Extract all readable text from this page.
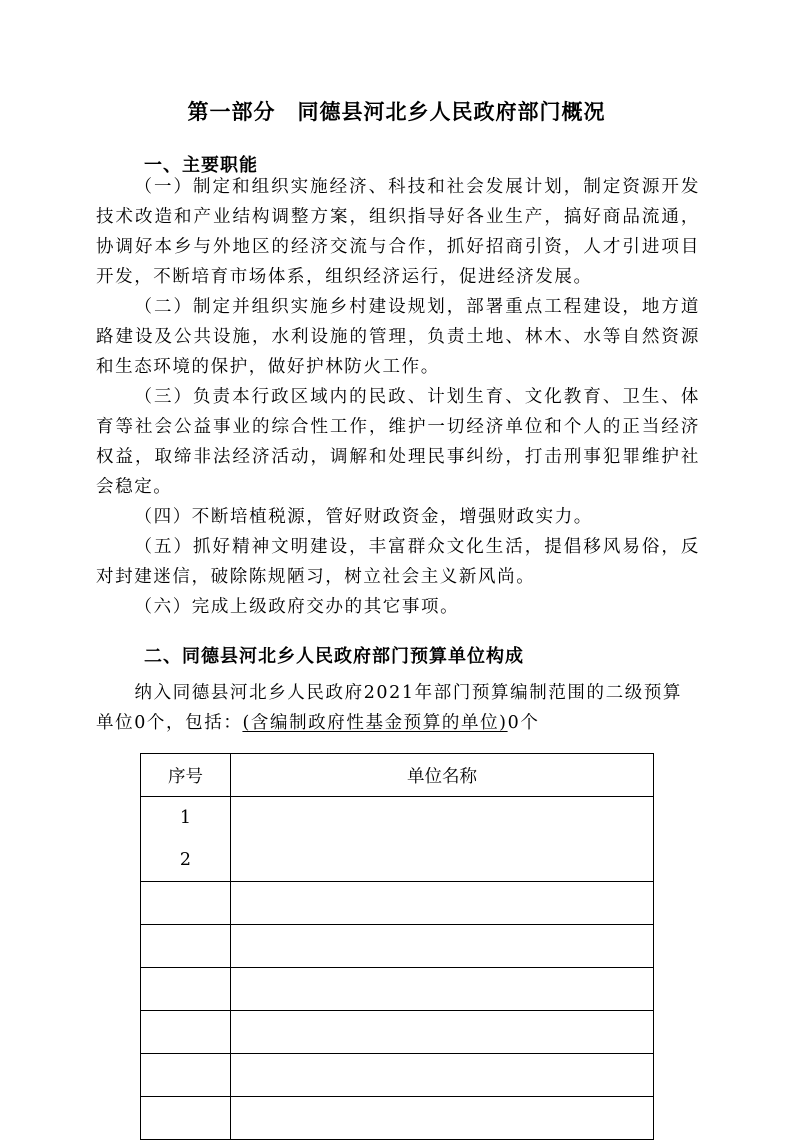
第一部分　同德县河北乡人民政府部门概况
一、主要职能

（一）制定和组织实施经济、科技和社会发展计划，制定资源开发技术改造和产业结构调整方案，组织指导好各业生产，搞好商品流通，协调好本乡与外地区的经济交流与合作，抓好招商引资，人才引进项目开发，不断培育市场体系，组织经济运行，促进经济发展。

（二）制定并组织实施乡村建设规划，部署重点工程建设，地方道路建设及公共设施，水利设施的管理，负责土地、林木、水等自然资源和生态环境的保护，做好护林防火工作。

（三）负责本行政区域内的民政、计划生育、文化教育、卫生、体育等社会公益事业的综合性工作，维护一切经济单位和个人的正当经济权益，取缔非法经济活动，调解和处理民事纠纷，打击刑事犯罪维护社会稳定。

（四）不断培植税源，管好财政资金，增强财政实力。

（五）抓好精神文明建设，丰富群众文化生活，提倡移风易俗，反对封建迷信，破除陈规陋习，树立社会主义新风尚。

（六）完成上级政府交办的其它事项。

二、同德县河北乡人民政府部门预算单位构成

纳入同德县河北乡人民政府2021年部门预算编制范围的二级预算单位0个，包括：(含编制政府性基金预算的单位)0个

序号	单位名称

1
2	
